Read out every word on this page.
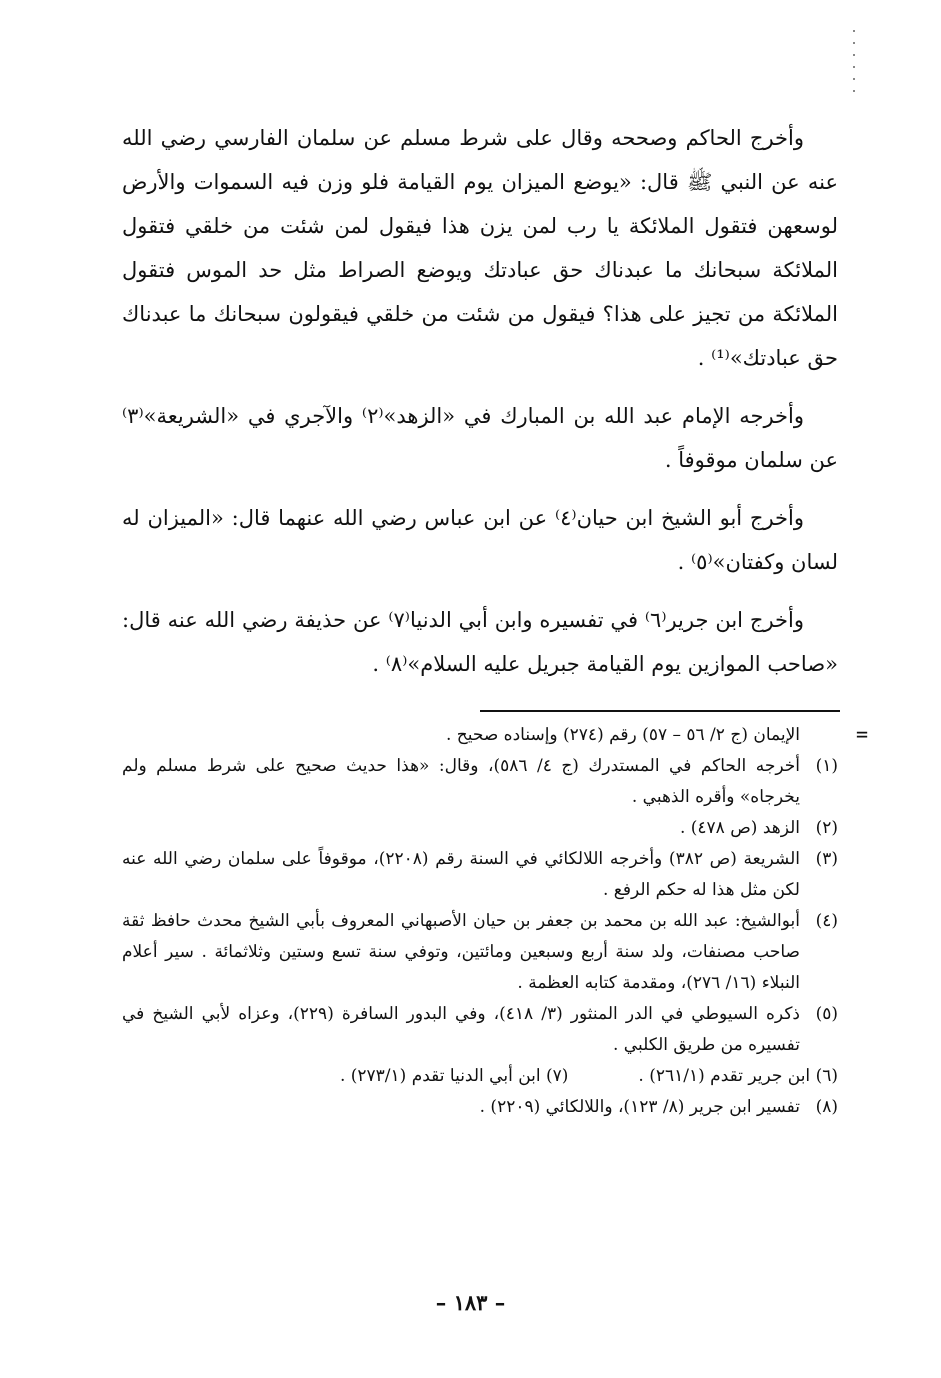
وأخرج الحاكم وصححه وقال على شرط مسلم عن سلمان الفارسي رضي الله عنه عن النبي ﷺ قال: «يوضع الميزان يوم القيامة فلو وزن فيه السموات والأرض لوسعهن فتقول الملائكة يا رب لمن يزن هذا فيقول لمن شئت من خلقي فتقول الملائكة سبحانك ما عبدناك حق عبادتك ويوضع الصراط مثل حد الموس فتقول الملائكة من تجيز على هذا؟ فيقول من شئت من خلقي فيقولون سبحانك ما عبدناك حق عبادتك»⁽¹⁾ .

وأخرجه الإمام عبد الله بن المبارك في «الزهد»⁽٢⁾ والآجري في «الشريعة»⁽٣⁾ عن سلمان موقوفاً .

وأخرج أبو الشيخ ابن حيان⁽٤⁾ عن ابن عباس رضي الله عنهما قال: «الميزان له لسان وكفتان»⁽٥⁾ .

وأخرج ابن جرير⁽٦⁾ في تفسيره وابن أبي الدنيا⁽٧⁾ عن حذيفة رضي الله عنه قال: «صاحب الموازين يوم القيامة جبريل عليه السلام»⁽٨⁾ .

=
الإيمان (ج ٢/ ٥٦ – ٥٧) رقم (٢٧٤) وإسناده صحيح .
(١)
أخرجه الحاكم في المستدرك (ج ٤/ ٥٨٦)، وقال: «هذا حديث صحيح على شرط مسلم ولم يخرجاه» وأقره الذهبي .
(٢)
الزهد (ص ٤٧٨) .
(٣)
الشريعة (ص ٣٨٢) وأخرجه اللالكائي في السنة رقم (٢٢٠٨)، موقوفاً على سلمان رضي الله عنه لكن مثل هذا له حكم الرفع .
(٤)
أبوالشيخ: عبد الله بن محمد بن جعفر بن حيان الأصبهاني المعروف بأبي الشيخ محدث حافظ ثقة صاحب مصنفات، ولد سنة أربع وسبعين ومائتين، وتوفي سنة تسع وستين وثلاثمائة . سير أعلام النبلاء (١٦/ ٢٧٦)، ومقدمة كتابه العظمة .
(٥)
ذكره السيوطي في الدر المنثور (٣/ ٤١٨)، وفي البدور السافرة (٢٢٩)، وعزاه لأبي الشيخ في تفسيره من طريق الكلبي .
(٦) ابن جرير تقدم (٢٦١/١) .
(٧) ابن أبي الدنيا تقدم (٢٧٣/١) .
(٨)
تفسير ابن جرير (٨/ ١٢٣)، واللالكائي (٢٢٠٩) .
– ١٨٣ –
